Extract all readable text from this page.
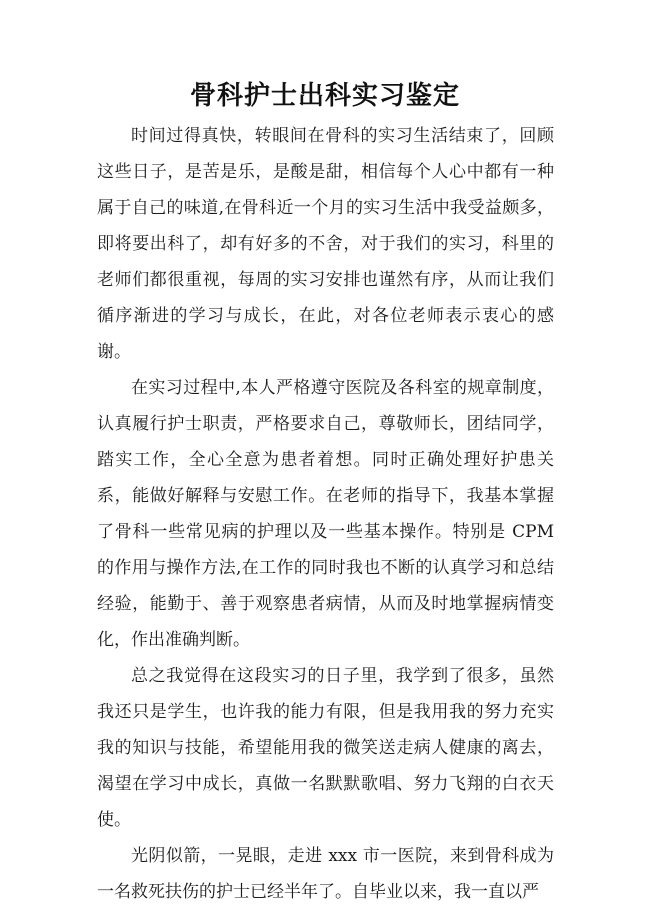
骨科护士出科实习鉴定

时间过得真快，转眼间在骨科的实习生活结束了，回顾这些日子，是苦是乐，是酸是甜，相信每个人心中都有一种属于自己的味道,在骨科近一个月的实习生活中我受益颇多，即将要出科了，却有好多的不舍，对于我们的实习，科里的老师们都很重视，每周的实习安排也谨然有序，从而让我们循序渐进的学习与成长，在此，对各位老师表示衷心的感谢。

在实习过程中,本人严格遵守医院及各科室的规章制度，认真履行护士职责，严格要求自己，尊敬师长，团结同学，踏实工作，全心全意为患者着想。同时正确处理好护患关系，能做好解释与安慰工作。在老师的指导下，我基本掌握了骨科一些常见病的护理以及一些基本操作。特别是 CPM 的作用与操作方法,在工作的同时我也不断的认真学习和总结经验，能勤于、善于观察患者病情，从而及时地掌握病情变化，作出准确判断。

总之我觉得在这段实习的日子里，我学到了很多，虽然我还只是学生，也许我的能力有限，但是我用我的努力充实我的知识与技能，希望能用我的微笑送走病人健康的离去，渴望在学习中成长，真做一名默默歌唱、努力飞翔的白衣天使。

光阴似箭，一晃眼，走进 xxx 市一医院，来到骨科成为一名救死扶伤的护士已经半年了。自毕业以来，我一直以严
